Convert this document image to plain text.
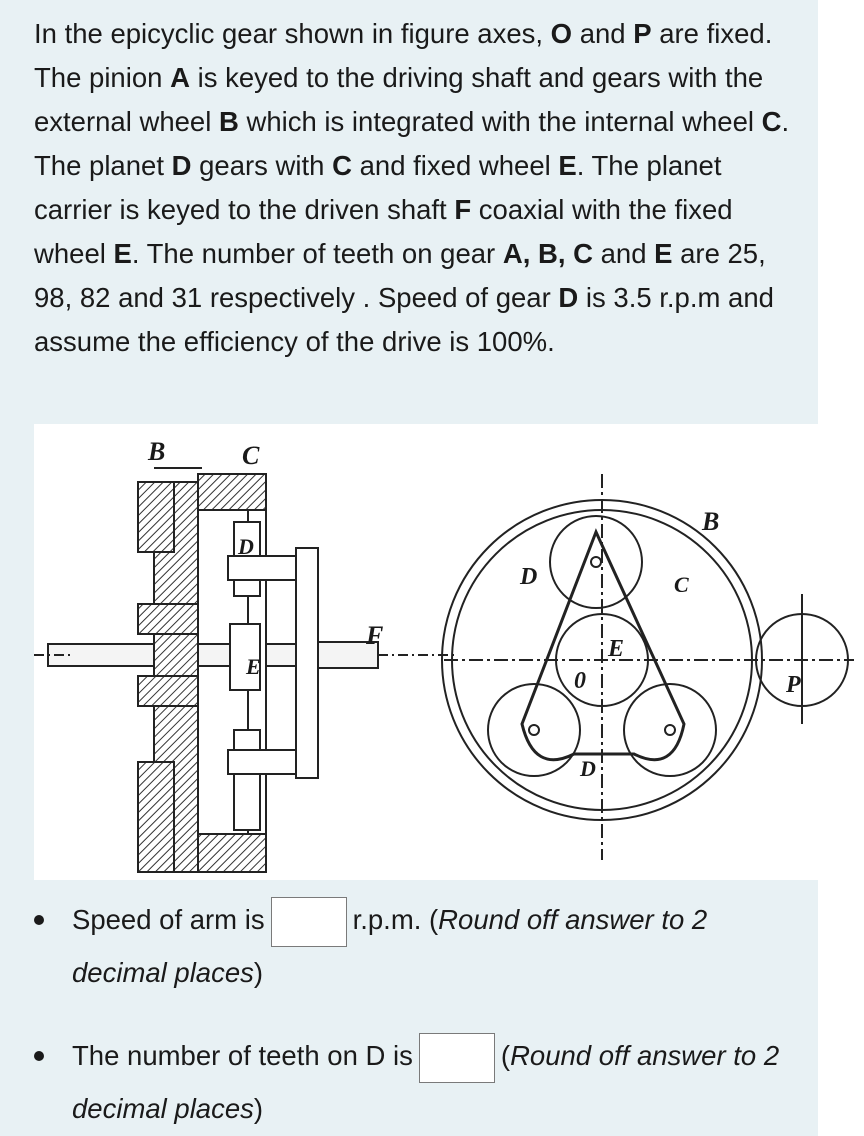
In the epicyclic gear shown in figure axes, O and P are fixed. The pinion A is keyed to the driving shaft and gears with the external wheel B which is integrated with the internal wheel C. The planet D gears with C and fixed wheel E. The planet carrier is keyed to the driven shaft F coaxial with the fixed wheel E. The number of teeth on gear A, B, C and E are 25, 98, 82 and 31 respectively . Speed of gear D is 3.5 r.p.m and assume the efficiency of the drive is 100%.

B	C
D
E
F
D
B
C
E
0
D
P
Speed of arm is	r.p.m. (Round off answer to 2 decimal places)
The number of teeth on D is	(Round off answer to 2 decimal places)
